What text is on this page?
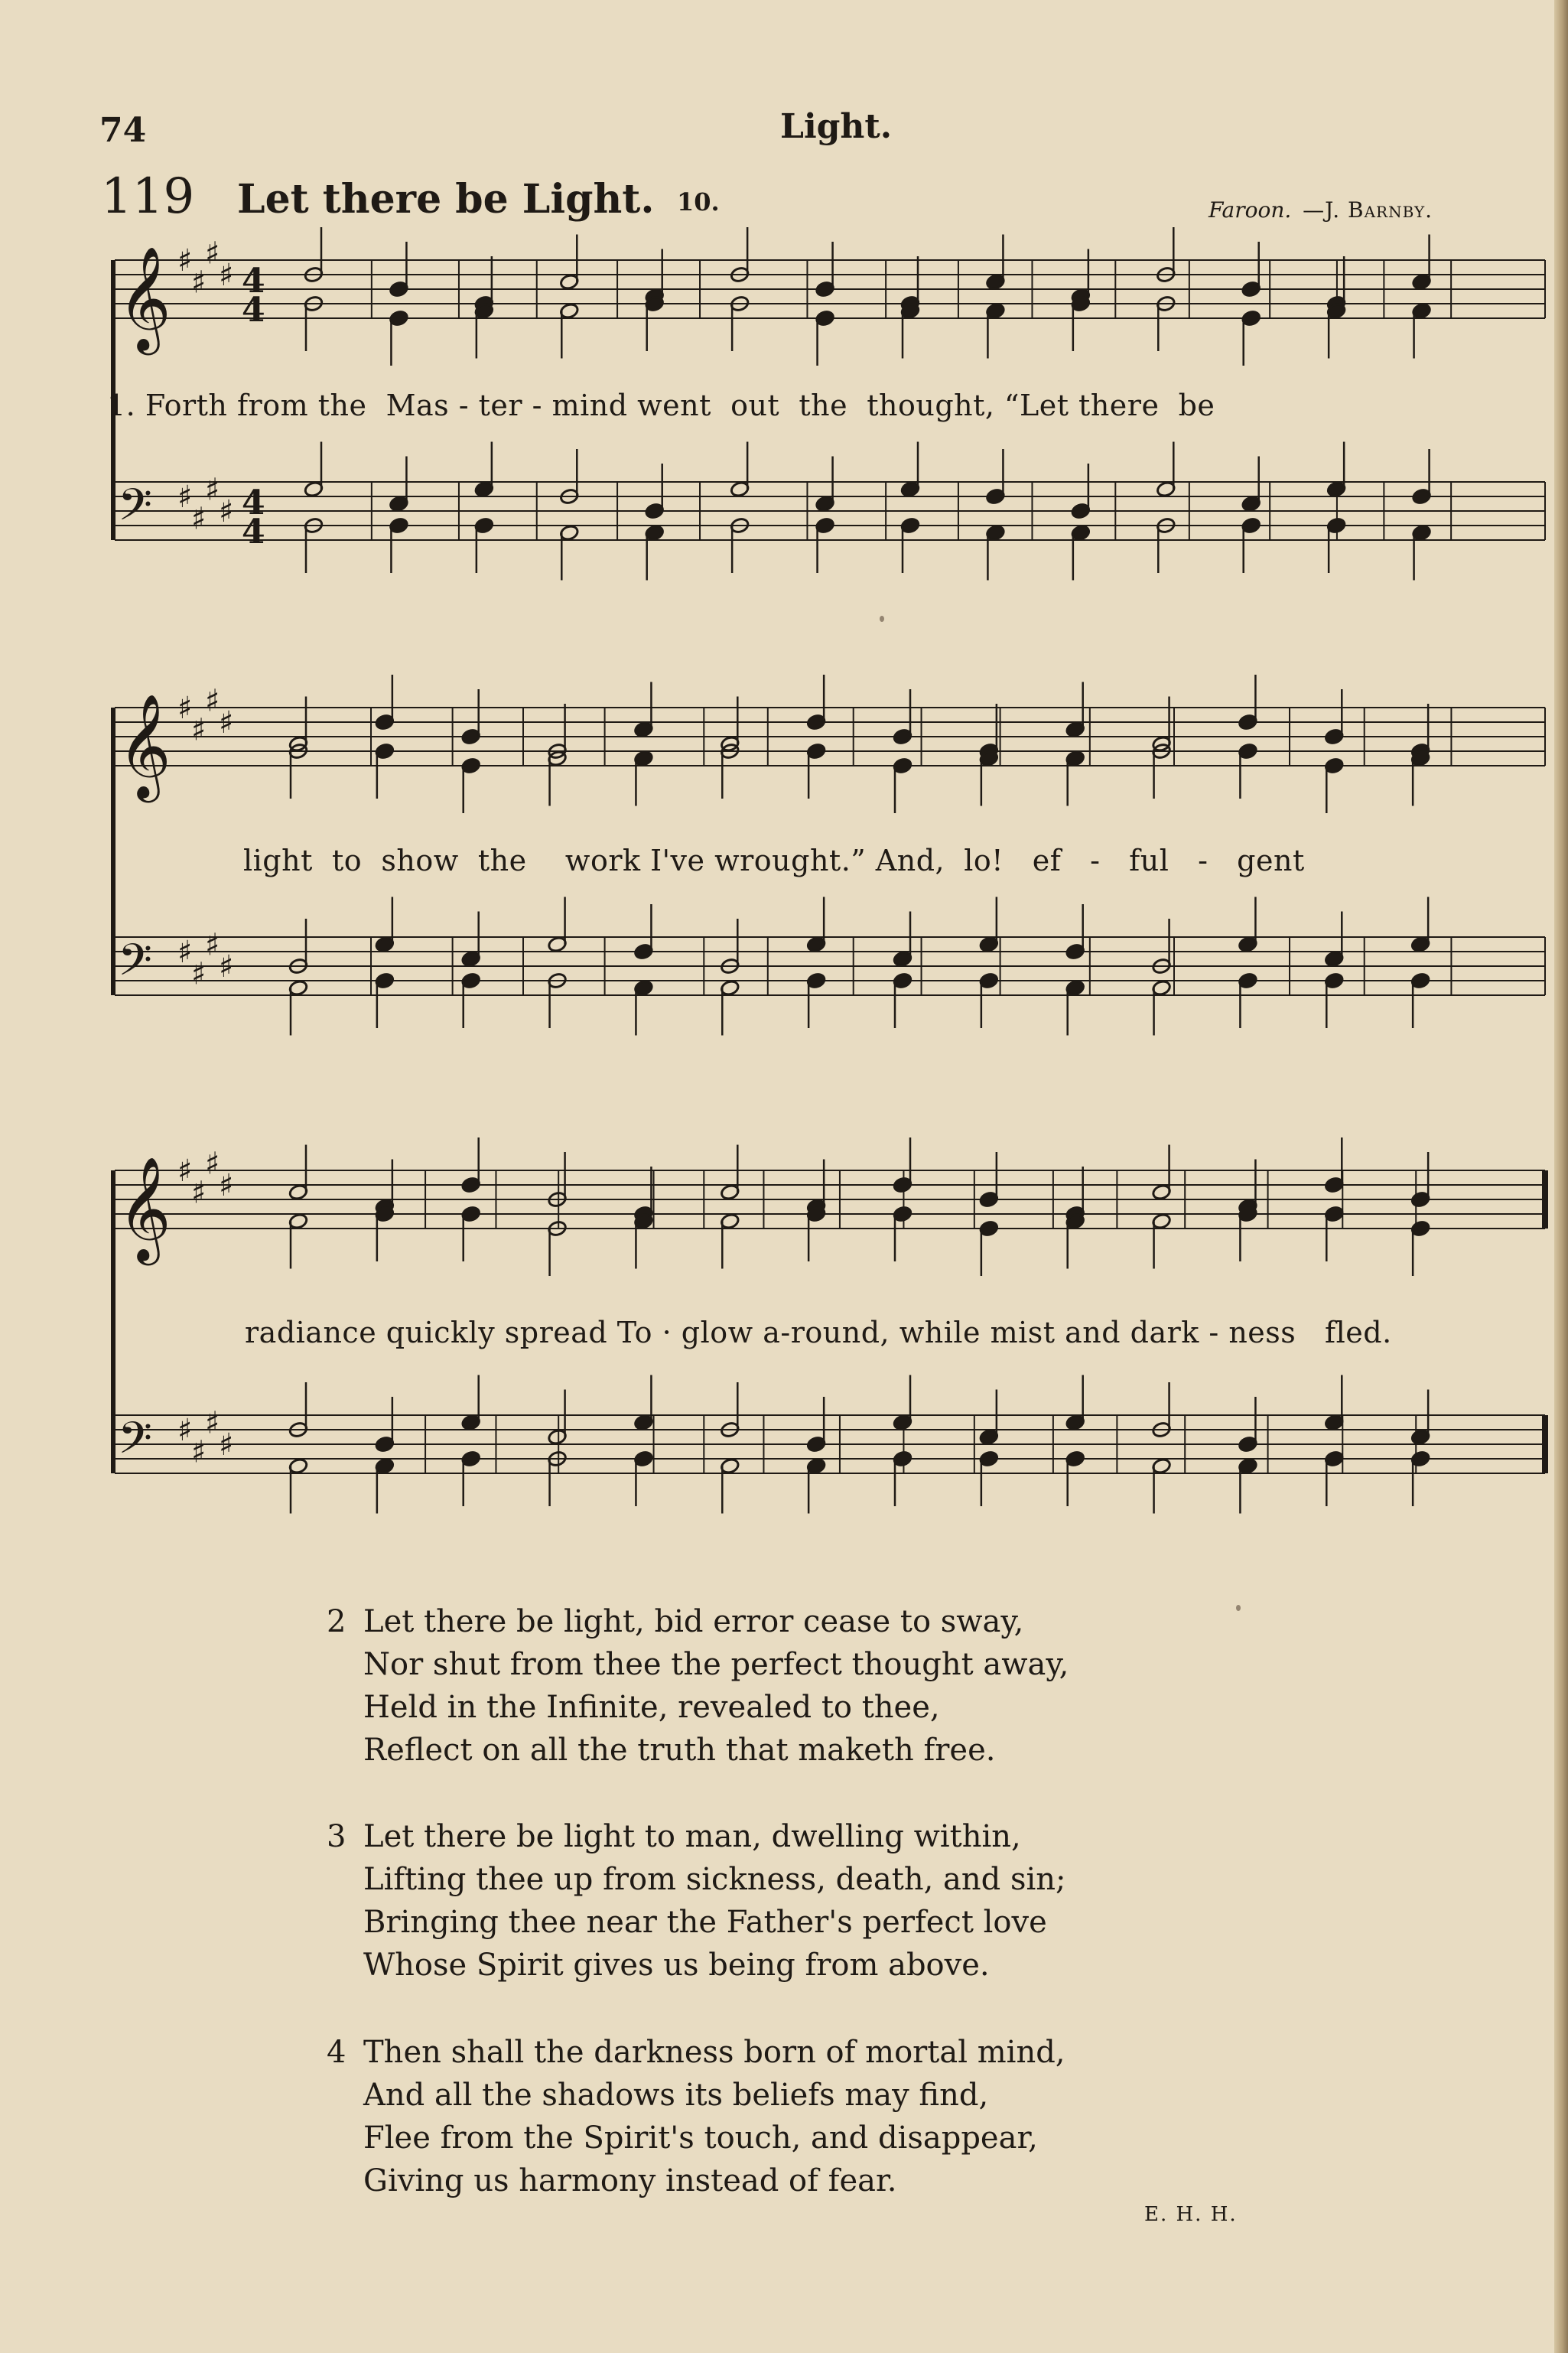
74	Light.
119 Let there be Light. 10.	Faroon. —J. Barnby.
𝄞
𝄢
♯
♯
♯
♯
♯
♯
♯
♯
4
4
4
4
1. Forth from the  Mas - ter - mind went  out  the  thought, “Let there  be
𝄞
𝄢
♯
♯
♯
♯
♯
♯
♯
♯
light  to  show  the    work I've wrought.” And,  lo!   ef   -   ful   -   gent
𝄞
𝄢
♯
♯
♯
♯
♯
♯
♯
♯
radiance quickly spread To · glow a-round, while mist and dark - ness   fled.
2 Let there be light, bid error cease to sway,
Nor shut from thee the perfect thought away,
Held in the Infinite, revealed to thee,
Reflect on all the truth that maketh free.
3 Let there be light to man, dwelling within,
Lifting thee up from sickness, death, and sin;
Bringing thee near the Father's perfect love
Whose Spirit gives us being from above.
4 Then shall the darkness born of mortal mind,
And all the shadows its beliefs may find,
Flee from the Spirit's touch, and disappear,
Giving us harmony instead of fear.
E. H. H.
